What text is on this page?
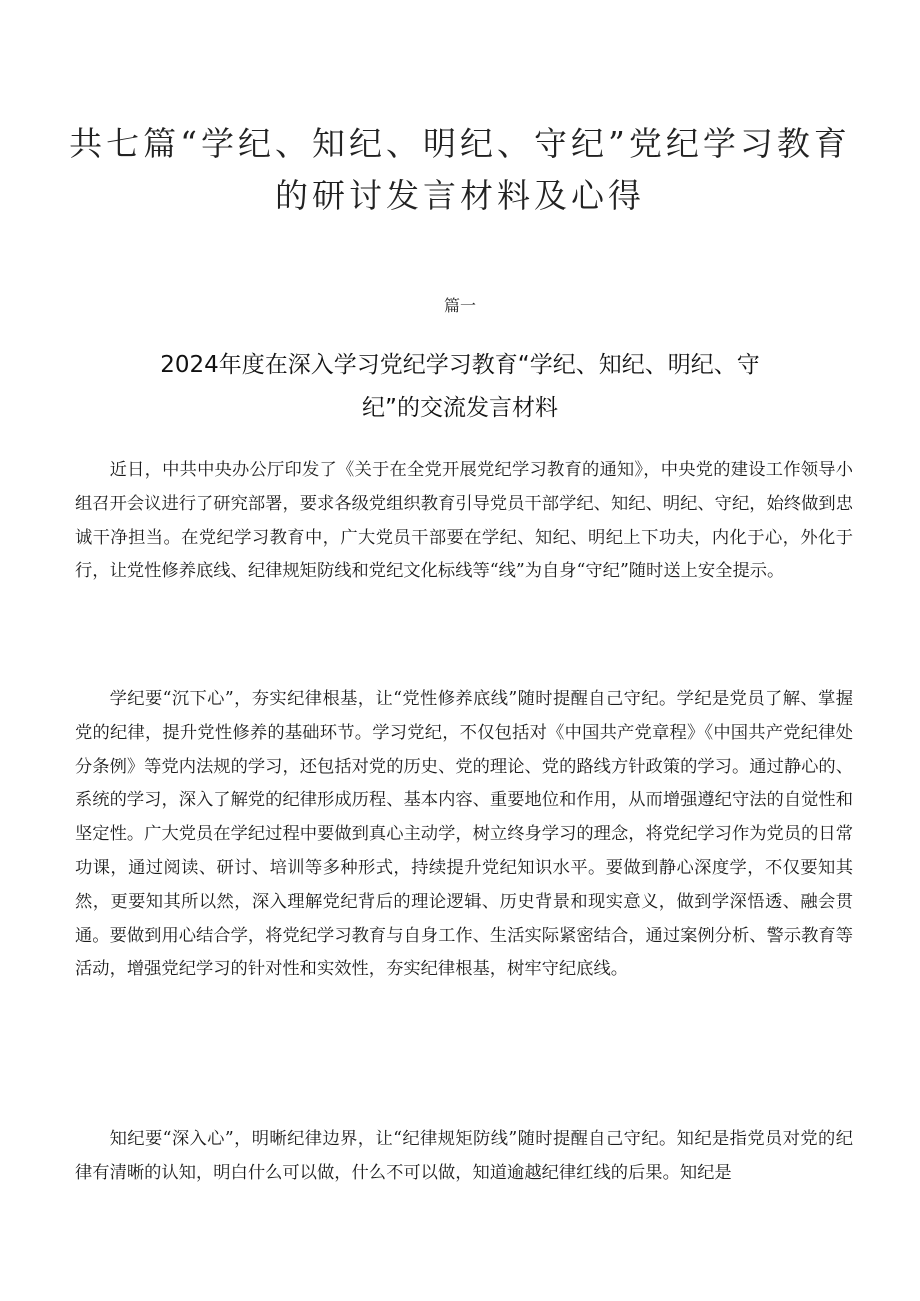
共七篇“学纪、知纪、明纪、守纪”党纪学习教育
的研讨发言材料及心得
篇一
2024年度在深入学习党纪学习教育“学纪、知纪、明纪、守
纪”的交流发言材料

近日，中共中央办公厅印发了《关于在全党开展党纪学习教育的通知》，中央党的建设工作领导小组召开会议进行了研究部署，要求各级党组织教育引导党员干部学纪、知纪、明纪、守纪，始终做到忠诚干净担当。在党纪学习教育中，广大党员干部要在学纪、知纪、明纪上下功夫，内化于心，外化于行，让党性修养底线、纪律规矩防线和党纪文化标线等“线”为自身“守纪”随时送上安全提示。

学纪要“沉下心”，夯实纪律根基，让“党性修养底线”随时提醒自己守纪。学纪是党员了解、掌握党的纪律，提升党性修养的基础环节。学习党纪，不仅包括对《中国共产党章程》《中国共产党纪律处分条例》等党内法规的学习，还包括对党的历史、党的理论、党的路线方针政策的学习。通过静心的、系统的学习，深入了解党的纪律形成历程、基本内容、重要地位和作用，从而增强遵纪守法的自觉性和坚定性。广大党员在学纪过程中要做到真心主动学，树立终身学习的理念，将党纪学习作为党员的日常功课，通过阅读、研讨、培训等多种形式，持续提升党纪知识水平。要做到静心深度学，不仅要知其然，更要知其所以然，深入理解党纪背后的理论逻辑、历史背景和现实意义，做到学深悟透、融会贯通。要做到用心结合学，将党纪学习教育与自身工作、生活实际紧密结合，通过案例分析、警示教育等活动，增强党纪学习的针对性和实效性，夯实纪律根基，树牢守纪底线。

知纪要“深入心”，明晰纪律边界，让“纪律规矩防线”随时提醒自己守纪。知纪是指党员对党的纪律有清晰的认知，明白什么可以做，什么不可以做，知道逾越纪律红线的后果。知纪是
